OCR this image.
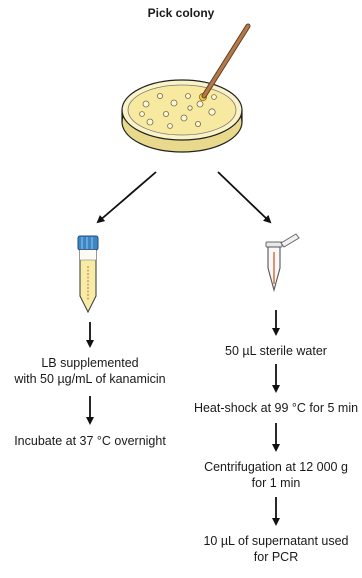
Pick colony
LB supplemented
with 50 µg/mL of kanamicin
Incubate at 37 °C overnight
50 µL sterile water
Heat-shock at 99 °C for 5 min
Centrifugation at 12 000 g
for 1 min
10 µL of supernatant used
for PCR
